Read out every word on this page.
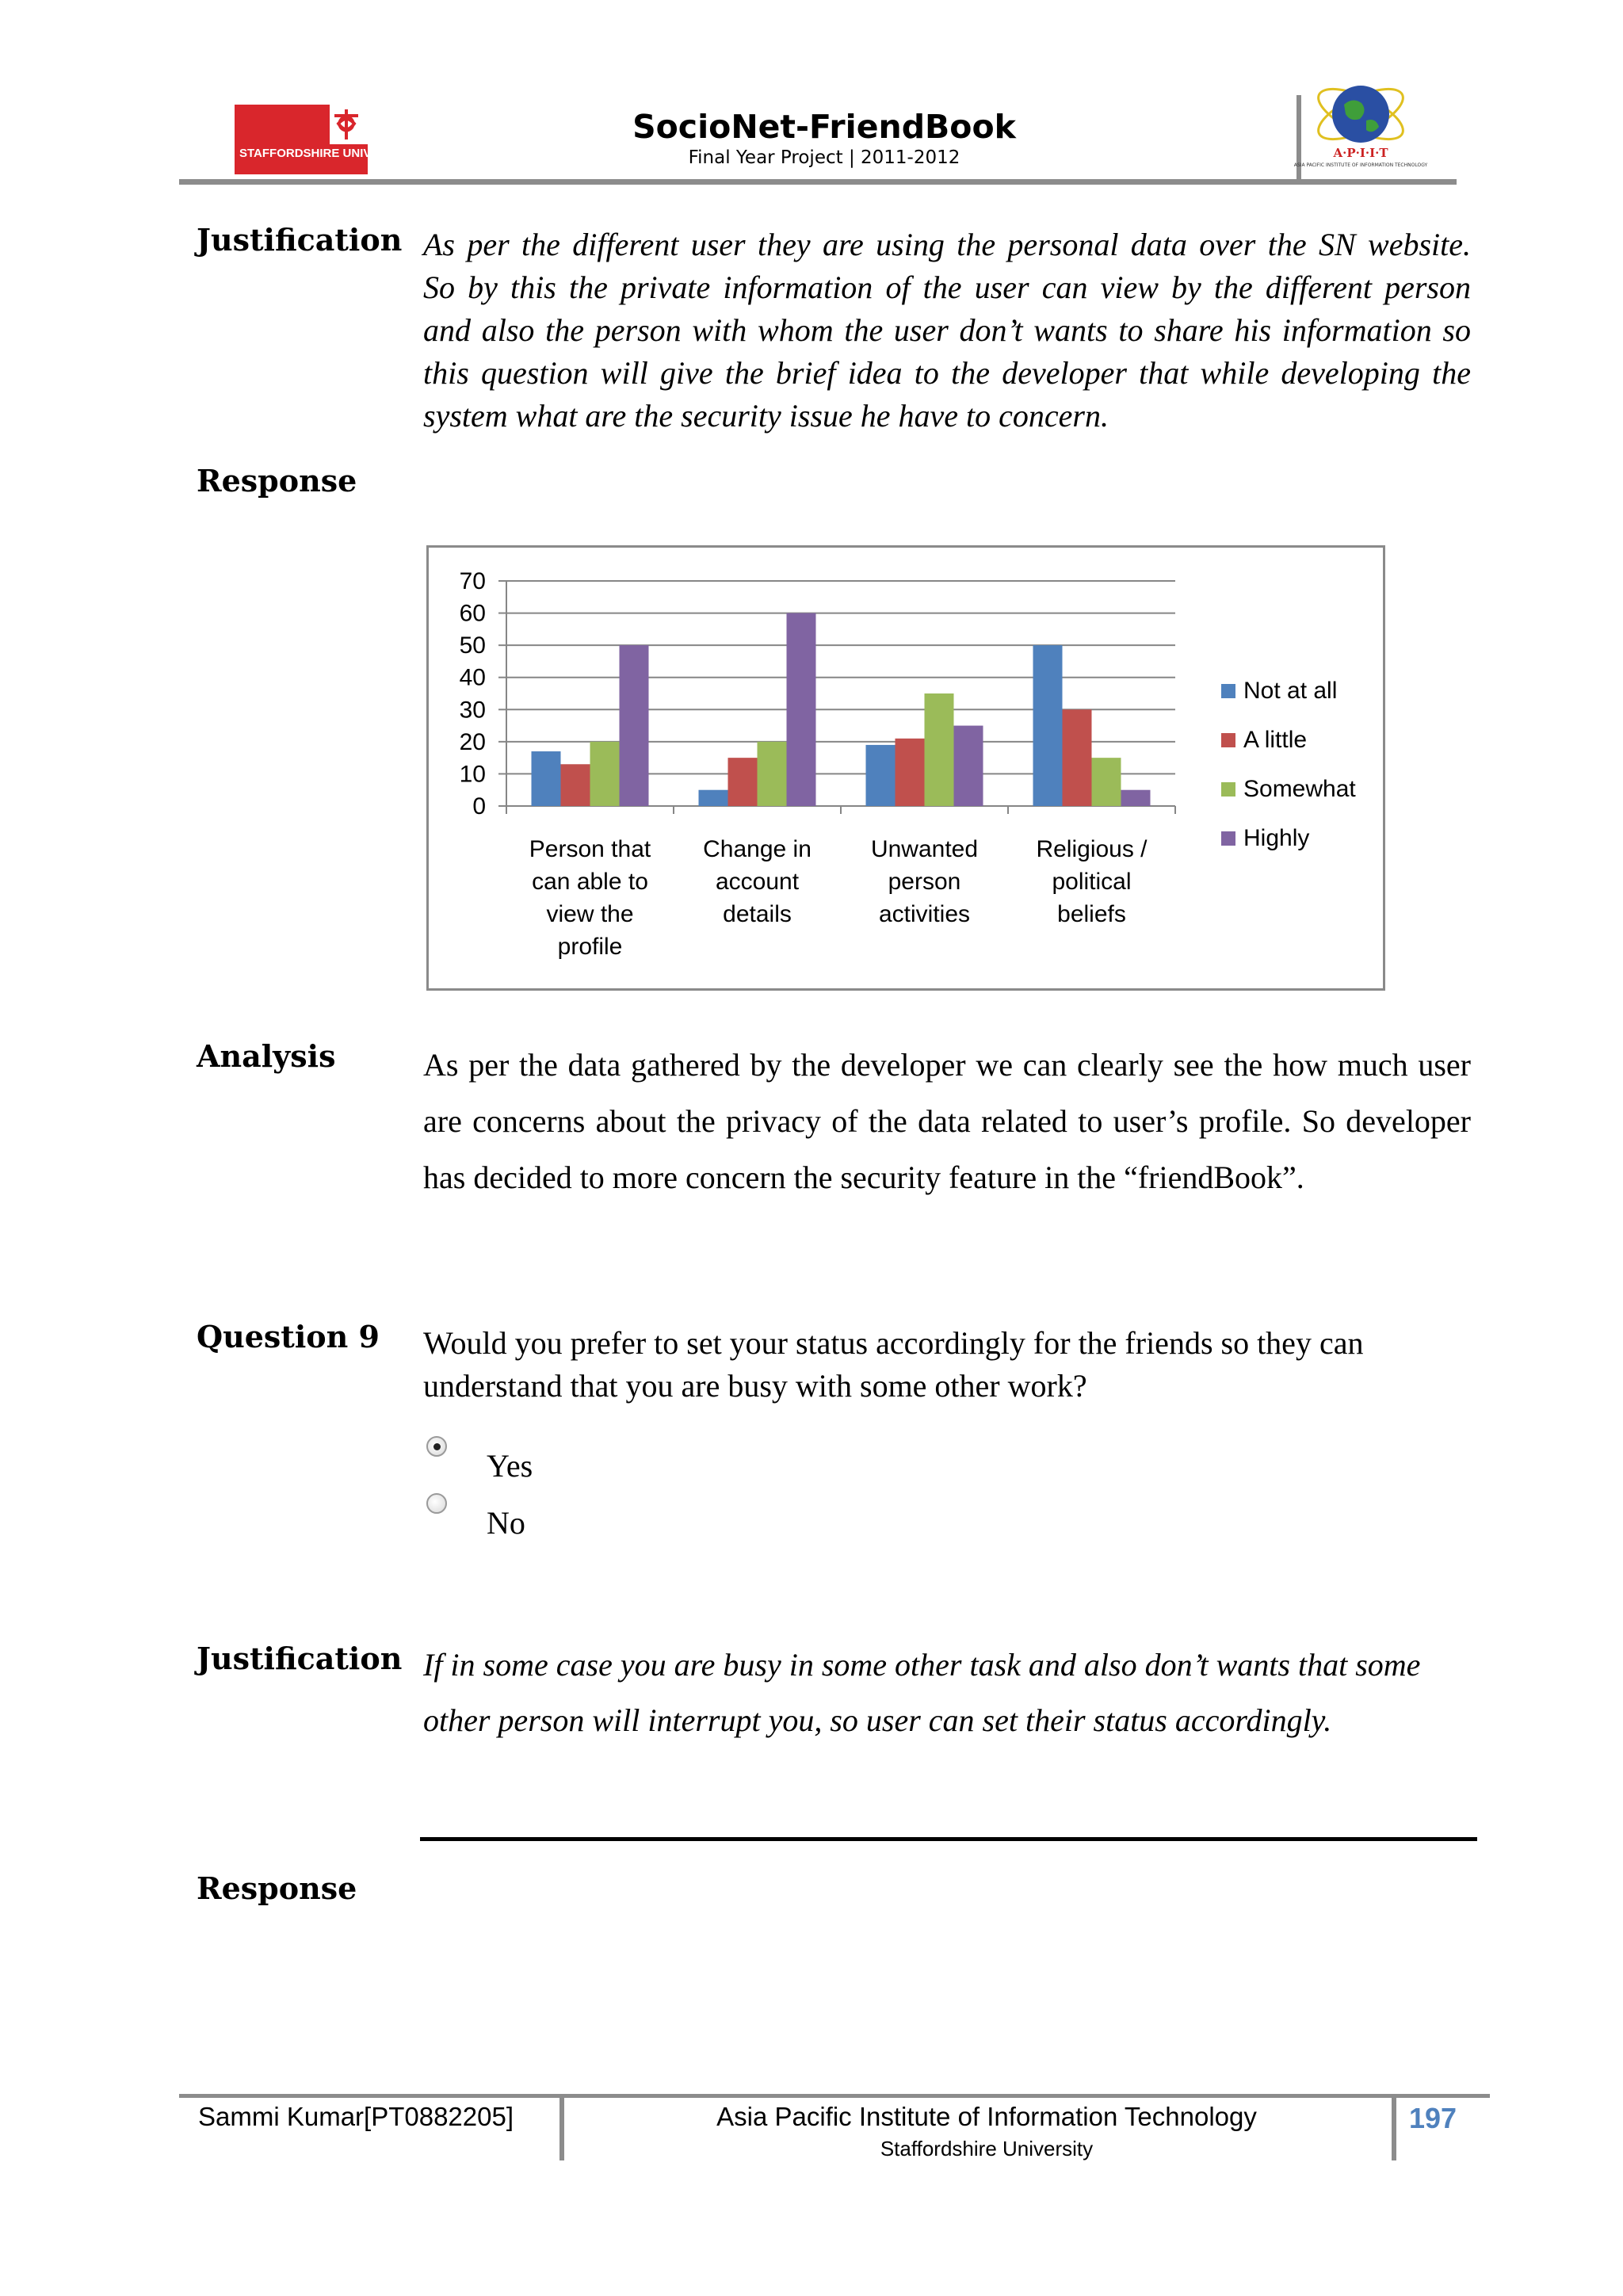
STAFFORDSHIRE UNIVERSITY
SocioNet-FriendBook
Final Year Project | 2011-2012	A·P·I·I·T
ASIA PACIFIC INSTITUTE OF INFORMATION TECHNOLOGY
Justification As per the different user they are using the personal data over the SN website.
So by this the private information of the user can view by the different person
and also the person with whom the user don’t wants to share his information so
this question will give the brief idea to the developer that while developing the
system what are the security issue he have to concern.
Response
0
10
20
30
40
50
60
70
Person that
can able to
view the
profile
Change in
account
details
Unwanted
person
activities
Religious /
political
beliefs
Not at all
A little
Somewhat
Highly
Analysis	As per the data gathered by the developer we can clearly see the how much user
are concerns about the privacy of the data related to user’s profile. So developer
has decided to more concern the security feature in the “friendBook”.
Question 9 Would you prefer to set your status accordingly for the friends so they can
understand that you are busy with some other work?
Yes
No
Justification If in some case you are busy in some other task and also don’t wants that some
other person will interrupt you, so user can set their status accordingly.
Response
Sammi Kumar[PT0882205]	Asia Pacific Institute of Information Technology
Staffordshire University
197
